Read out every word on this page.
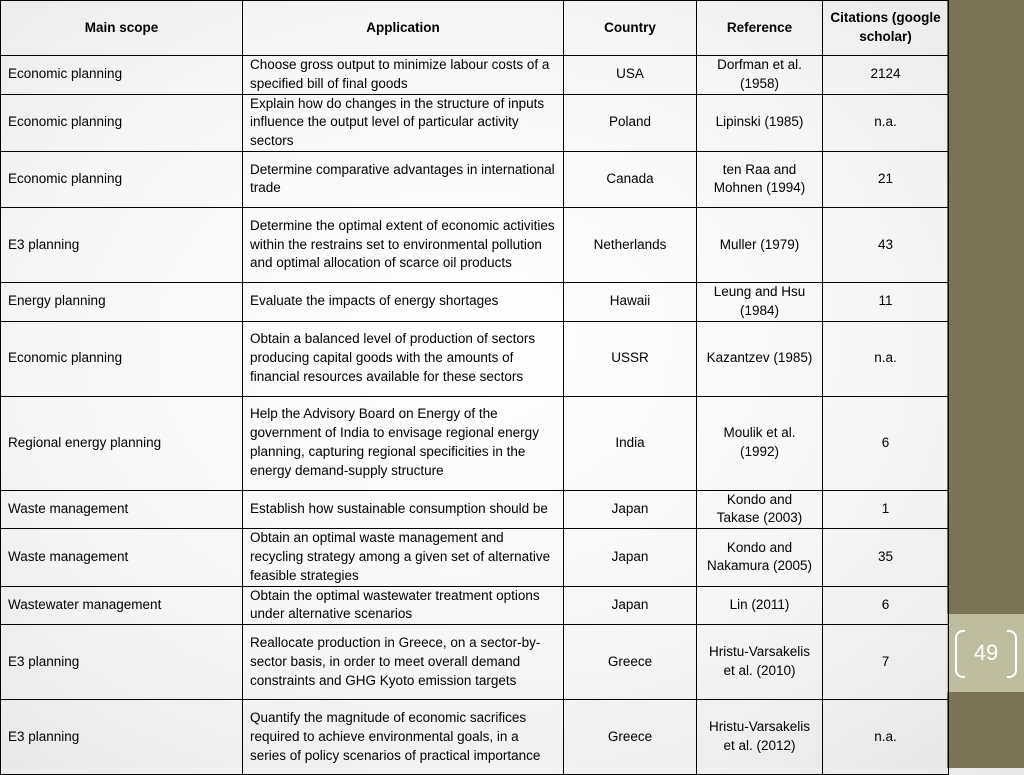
49
Main scope	Application	Country	Reference	Citations (google scholar)
Economic planning	Choose gross output to minimize labour costs of a specified bill of final goods	USA	Dorfman et al. (1958)	2124
Economic planning	Explain how do changes in the structure of inputs influence the output level of particular activity sectors	Poland	Lipinski (1985)	n.a.
Economic planning	Determine comparative advantages in international trade	Canada	ten Raa and Mohnen (1994)	21
E3 planning	Determine the optimal extent of economic activities within the restrains set to environmental pollution and optimal allocation of scarce oil products	Netherlands	Muller (1979)	43
Energy planning	Evaluate the impacts of energy shortages	Hawaii	Leung and Hsu (1984)	11
Economic planning	Obtain a balanced level of production of sectors producing capital goods with the amounts of financial resources available for these sectors	USSR	Kazantzev (1985)	n.a.
Regional energy planning	Help the Advisory Board on Energy of the government of India to envisage regional energy planning, capturing regional specificities in the energy demand-supply structure	India	Moulik et al. (1992)	6
Waste management	Establish how sustainable consumption should be	Japan	Kondo and Takase (2003)	1
Waste management	Obtain an optimal waste management and recycling strategy among a given set of alternative feasible strategies	Japan	Kondo and Nakamura (2005)	35
Wastewater management	Obtain the optimal wastewater treatment options under alternative scenarios	Japan	Lin (2011)	6
E3 planning	Reallocate production in Greece, on a sector-by-sector basis, in order to meet overall demand constraints and GHG Kyoto emission targets	Greece	Hristu-Varsakelis et al. (2010)	7
E3 planning	Quantify the magnitude of economic sacrifices required to achieve environmental goals, in a series of policy scenarios of practical importance	Greece	Hristu-Varsakelis et al. (2012)	n.a.
